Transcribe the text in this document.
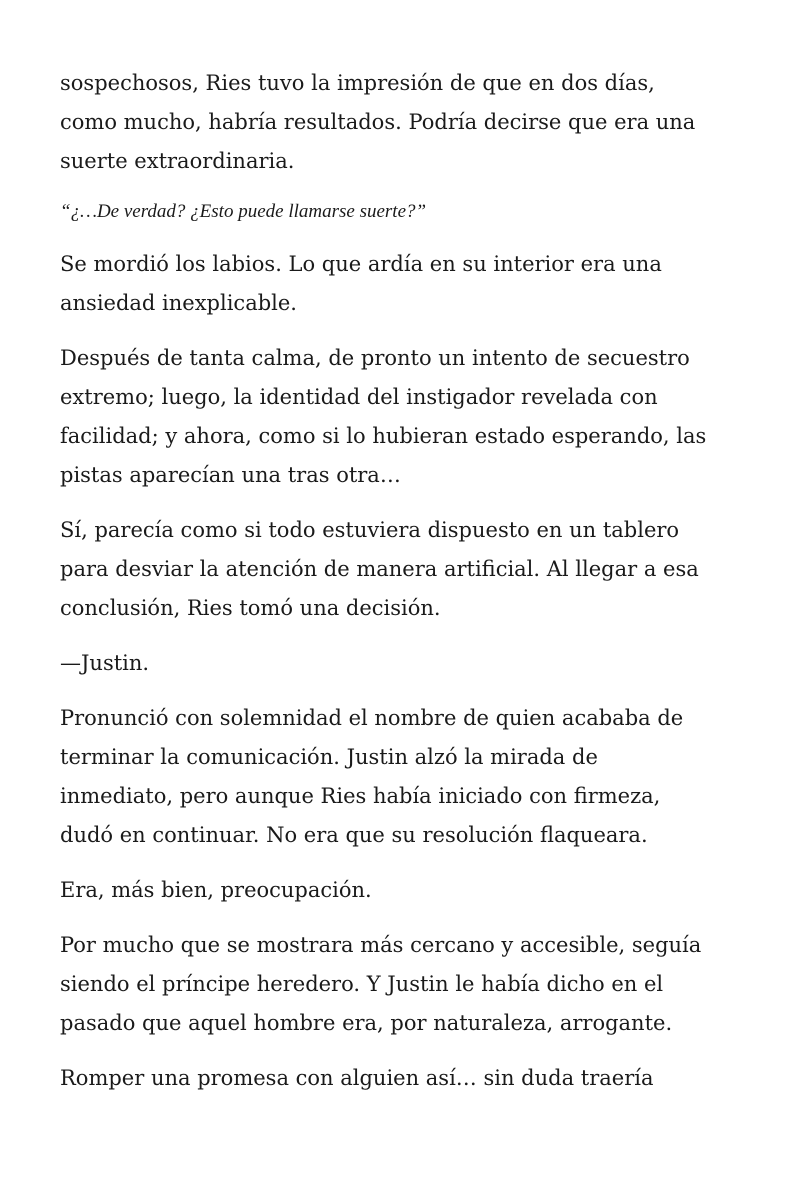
sospechosos, Ries tuvo la impresión de que en dos días,
como mucho, habría resultados. Podría decirse que era una
suerte extraordinaria.

“¿…De verdad? ¿Esto puede llamarse suerte?”

Se mordió los labios. Lo que ardía en su interior era una
ansiedad inexplicable.

Después de tanta calma, de pronto un intento de secuestro
extremo; luego, la identidad del instigador revelada con
facilidad; y ahora, como si lo hubieran estado esperando, las
pistas aparecían una tras otra…

Sí, parecía como si todo estuviera dispuesto en un tablero
para desviar la atención de manera artificial. Al llegar a esa
conclusión, Ries tomó una decisión.

—Justin.

Pronunció con solemnidad el nombre de quien acababa de
terminar la comunicación. Justin alzó la mirada de
inmediato, pero aunque Ries había iniciado con firmeza,
dudó en continuar. No era que su resolución flaqueara.

Era, más bien, preocupación.

Por mucho que se mostrara más cercano y accesible, seguía
siendo el príncipe heredero. Y Justin le había dicho en el
pasado que aquel hombre era, por naturaleza, arrogante.

Romper una promesa con alguien así… sin duda traería
